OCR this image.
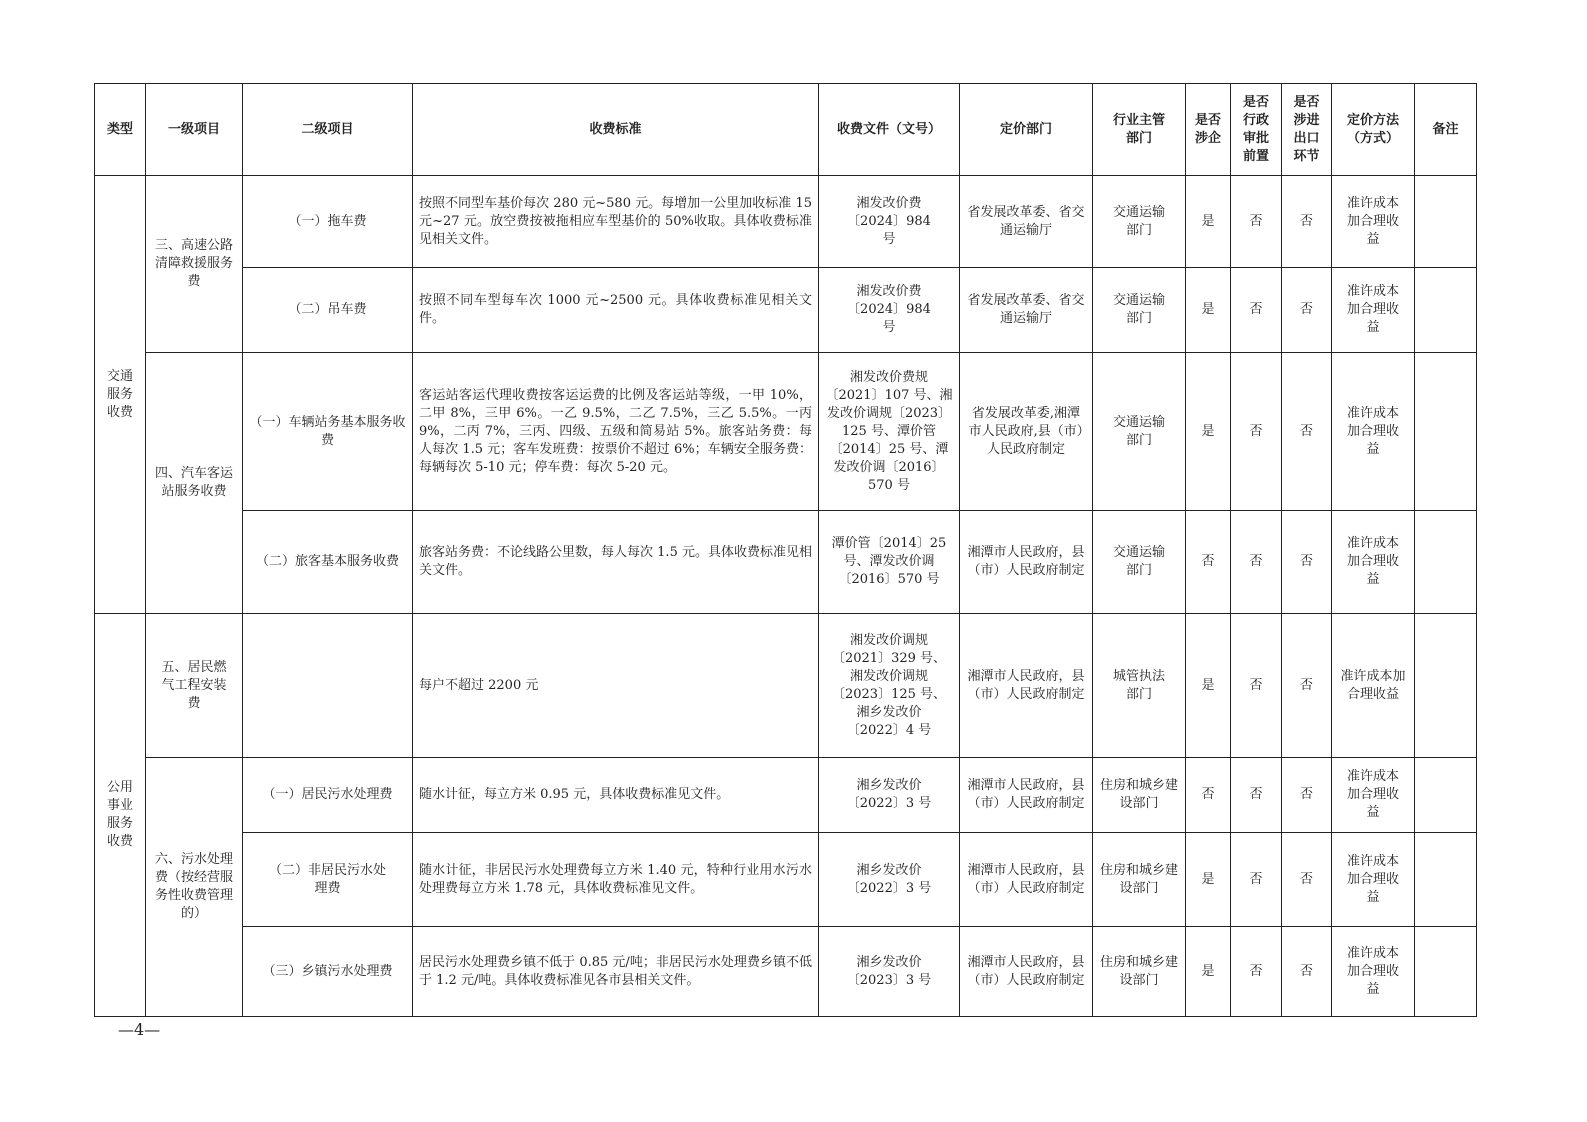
类型	一级项目	二级项目	收费标准	收费文件（文号）	定价部门	行业主管部门	是否涉企	是否行政审批前置	是否涉进出口环节	定价方法（方式）	备注
交通服务收费	三、高速公路清障救援服务费	（一）拖车费	按照不同型车基价每次 280 元~580 元。每增加一公里加收标准 15 元~27 元。放空费按被拖相应车型基价的 50%收取。具体收费标准见相关文件。	湘发改价费〔2024〕984 号	省发展改革委、省交通运输厅	交通运输部门	是	否	否	准许成本加合理收益	
		（二）吊车费	按照不同车型每车次 1000 元~2500 元。具体收费标准见相关文件。	湘发改价费〔2024〕984 号	省发展改革委、省交通运输厅	交通运输部门	是	否	否	准许成本加合理收益	
	四、汽车客运站服务收费	（一）车辆站务基本服务收费	客运站客运代理收费按客运运费的比例及客运站等级，一甲 10%，二甲 8%，三甲 6%。一乙 9.5%，二乙 7.5%，三乙 5.5%。一丙 9%，二丙 7%，三丙、四级、五级和简易站 5%。旅客站务费：每人每次 1.5 元；客车发班费：按票价不超过 6%；车辆安全服务费：每辆每次 5-10 元；停车费：每次 5-20 元。	湘发改价费规〔2021〕107 号、湘发改价调规〔2023〕125 号、潭价管〔2014〕25 号、潭发改价调〔2016〕570 号	省发展改革委,湘潭市人民政府,县（市）人民政府制定	交通运输部门	是	否	否	准许成本加合理收益	
		（二）旅客基本服务收费	旅客站务费：不论线路公里数，每人每次 1.5 元。具体收费标准见相关文件。	潭价管〔2014〕25 号、潭发改价调〔2016〕570 号	湘潭市人民政府，县（市）人民政府制定	交通运输部门	否	否	否	准许成本加合理收益	
公用事业服务收费	五、居民燃气工程安装费		每户不超过 2200 元	湘发改价调规〔2021〕329 号、湘发改价调规〔2023〕125 号、湘乡发改价〔2022〕4 号	湘潭市人民政府，县（市）人民政府制定	城管执法部门	是	否	否	准许成本加合理收益	
	六、污水处理费（按经营服务性收费管理的）	（一）居民污水处理费	随水计征，每立方米 0.95 元，具体收费标准见文件。	湘乡发改价〔2022〕3 号	湘潭市人民政府，县（市）人民政府制定	住房和城乡建设部门	否	否	否	准许成本加合理收益	
		（二）非居民污水处理费	随水计征，非居民污水处理费每立方米 1.40 元，特种行业用水污水处理费每立方米 1.78 元，具体收费标准见文件。	湘乡发改价〔2022〕3 号	湘潭市人民政府，县（市）人民政府制定	住房和城乡建设部门	是	否	否	准许成本加合理收益	
		（三）乡镇污水处理费	居民污水处理费乡镇不低于 0.85 元/吨；非居民污水处理费乡镇不低于 1.2 元/吨。具体收费标准见各市县相关文件。	湘乡发改价〔2023〕3 号	湘潭市人民政府，县（市）人民政府制定	住房和城乡建设部门	是	否	否	准许成本加合理收益	
—4—
